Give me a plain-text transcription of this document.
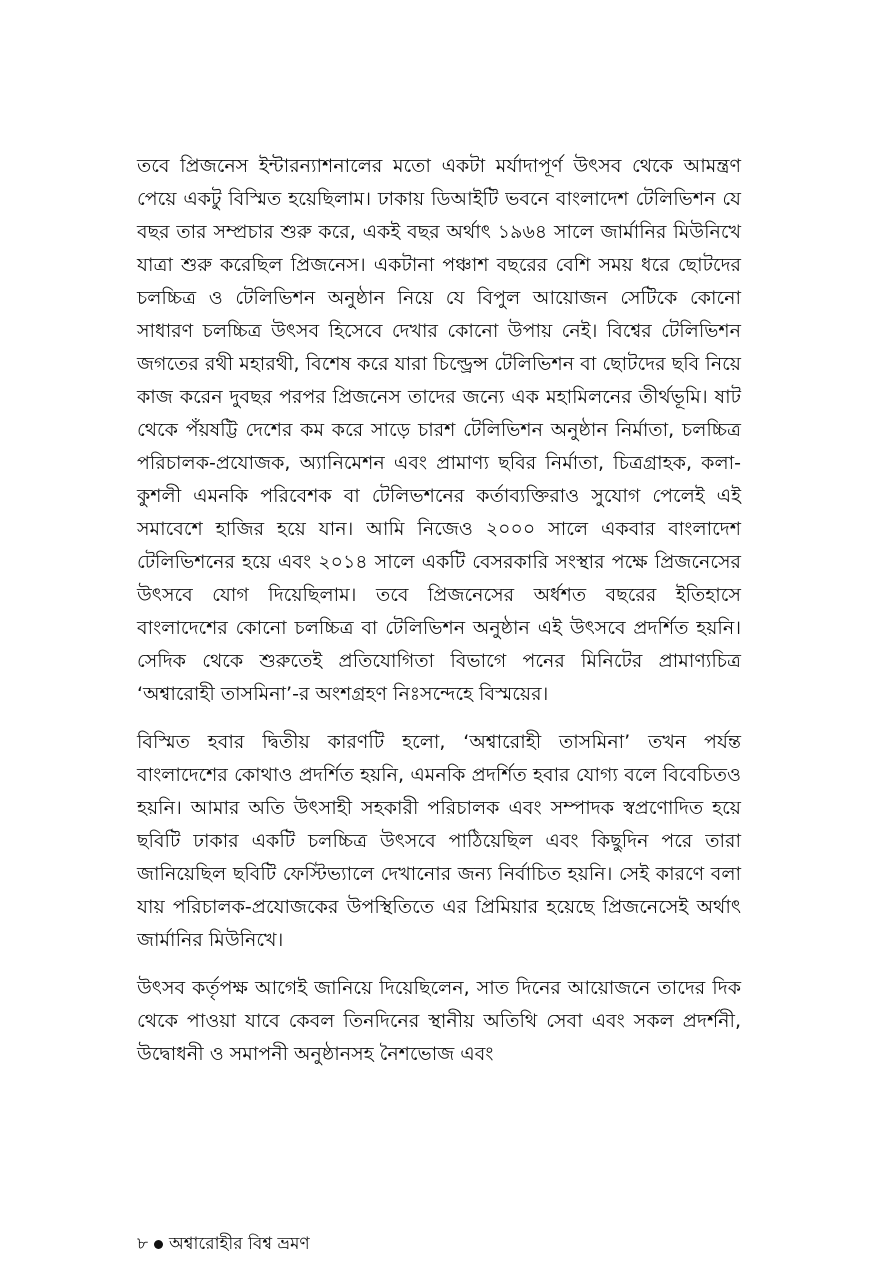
তবে প্রিজনেস ইন্টারন্যাশনালের মতো একটা মর্যাদাপূর্ণ উৎসব থেকে আমন্ত্রণ পেয়ে একটু বিস্মিত হয়েছিলাম। ঢাকায় ডিআইটি ভবনে বাংলাদেশ টেলিভিশন যে বছর তার সম্প্রচার শুরু করে, একই বছর অর্থাৎ ১৯৬৪ সালে জার্মানির মিউনিখে যাত্রা শুরু করেছিল প্রিজনেস। একটানা পঞ্চাশ বছরের বেশি সময় ধরে ছোটদের চলচ্চিত্র ও টেলিভিশন অনুষ্ঠান নিয়ে যে বিপুল আয়োজন সেটিকে কোনো সাধারণ চলচ্চিত্র উৎসব হিসেবে দেখার কোনো উপায় নেই। বিশ্বের টেলিভিশন জগতের রথী মহারথী, বিশেষ করে যারা চিল্ড্রেন্স টেলিভিশন বা ছোটদের ছবি নিয়ে কাজ করেন দুবছর পরপর প্রিজনেস তাদের জন্যে এক মহামিলনের তীর্থভূমি। ষাট থেকে পঁয়ষট্টি দেশের কম করে সাড়ে চারশ টেলিভিশন অনুষ্ঠান নির্মাতা, চলচ্চিত্র পরিচালক-প্রযোজক, অ্যানিমেশন এবং প্রামাণ্য ছবির নির্মাতা, চিত্রগ্রাহক, কলা-কুশলী এমনকি পরিবেশক বা টেলিভশনের কর্তাব্যক্তিরাও সুযোগ পেলেই এই সমাবেশে হাজির হয়ে যান। আমি নিজেও ২০০০ সালে একবার বাংলাদেশ টেলিভিশনের হয়ে এবং ২০১৪ সালে একটি বেসরকারি সংস্থার পক্ষে প্রিজনেসের উৎসবে যোগ দিয়েছিলাম। তবে প্রিজনেসের অর্ধশত বছরের ইতিহাসে বাংলাদেশের কোনো চলচ্চিত্র বা টেলিভিশন অনুষ্ঠান এই উৎসবে প্রদর্শিত হয়নি। সেদিক থেকে শুরুতেই প্রতিযোগিতা বিভাগে পনের মিনিটের প্রামাণ্যচিত্র ‘অশ্বারোহী তাসমিনা’-র অংশগ্রহণ নিঃসন্দেহে বিস্ময়ের।

বিস্মিত হবার দ্বিতীয় কারণটি হলো, ‘অশ্বারোহী তাসমিনা’ তখন পর্যন্ত বাংলাদেশের কোথাও প্রদর্শিত হয়নি, এমনকি প্রদর্শিত হবার যোগ্য বলে বিবেচিতও হয়নি। আমার অতি উৎসাহী সহকারী পরিচালক এবং সম্পাদক স্বপ্রণোদিত হয়ে ছবিটি ঢাকার একটি চলচ্চিত্র উৎসবে পাঠিয়েছিল এবং কিছুদিন পরে তারা জানিয়েছিল ছবিটি ফেস্টিভ্যালে দেখানোর জন্য নির্বাচিত হয়নি। সেই কারণে বলা যায় পরিচালক-প্রযোজকের উপস্থিতিতে এর প্রিমিয়ার হয়েছে প্রিজনেসেই অর্থাৎ জার্মানির মিউনিখে।

উৎসব কর্তৃপক্ষ আগেই জানিয়ে দিয়েছিলেন, সাত দিনের আয়োজনে তাদের দিক থেকে পাওয়া যাবে কেবল তিনদিনের স্থানীয় অতিথি সেবা এবং সকল প্রদর্শনী, উদ্বোধনী ও সমাপনী অনুষ্ঠানসহ নৈশভোজ এবং

৮ অশ্বারোহীর বিশ্ব ভ্রমণ
